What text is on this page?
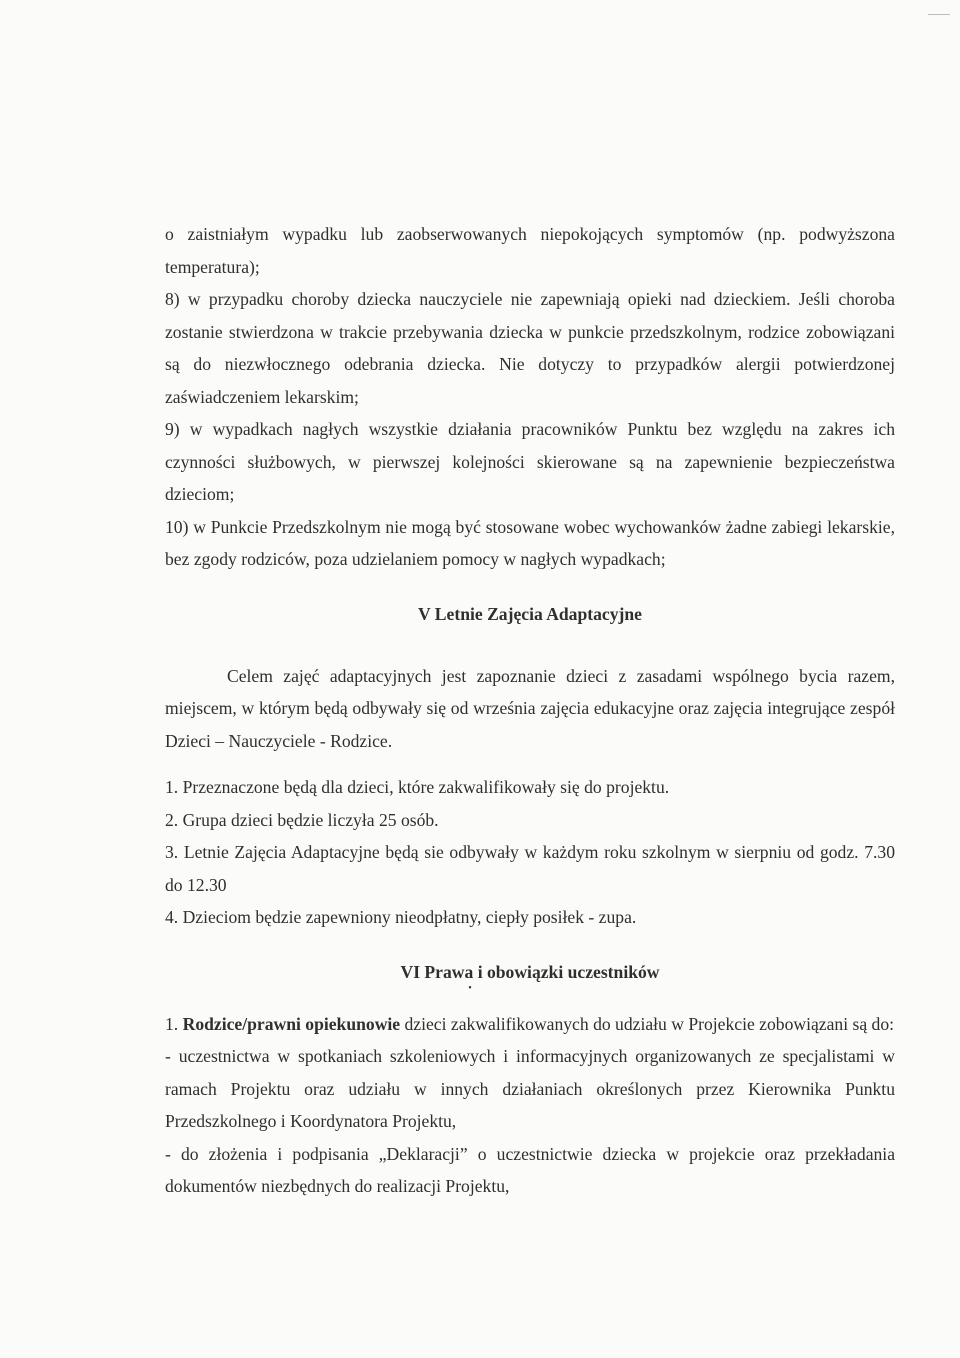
o zaistniałym wypadku lub zaobserwowanych niepokojących symptomów (np. podwyższona temperatura);

8) w przypadku choroby dziecka nauczyciele nie zapewniają opieki nad dzieckiem. Jeśli choroba zostanie stwierdzona w trakcie przebywania dziecka w punkcie przedszkolnym, rodzice zobowiązani są do niezwłocznego odebrania dziecka. Nie dotyczy to przypadków alergii potwierdzonej zaświadczeniem lekarskim;

9) w wypadkach nagłych wszystkie działania pracowników Punktu bez względu na zakres ich czynności służbowych, w pierwszej kolejności skierowane są na zapewnienie bezpieczeństwa dzieciom;

10) w Punkcie Przedszkolnym nie mogą być stosowane wobec wychowanków żadne zabiegi lekarskie, bez zgody rodziców, poza udzielaniem pomocy w nagłych wypadkach;

V Letnie Zajęcia Adaptacyjne

Celem zajęć adaptacyjnych jest zapoznanie dzieci z zasadami wspólnego bycia razem, miejscem, w którym będą odbywały się od września zajęcia edukacyjne oraz zajęcia integrujące zespół Dzieci – Nauczyciele - Rodzice.

1. Przeznaczone będą dla dzieci, które zakwalifikowały się do projektu.

2. Grupa dzieci będzie liczyła 25 osób.

3. Letnie Zajęcia Adaptacyjne będą sie odbywały w każdym roku szkolnym w sierpniu od godz. 7.30 do 12.30

4. Dzieciom będzie zapewniony nieodpłatny, ciepły posiłek - zupa.

VI Prawa i obowiązki uczestników
•

1. Rodzice/prawni opiekunowie dzieci zakwalifikowanych do udziału w Projekcie zobowiązani są do:

- uczestnictwa w spotkaniach szkoleniowych i informacyjnych organizowanych ze specjalistami w ramach Projektu oraz udziału w innych działaniach określonych przez Kierownika Punktu Przedszkolnego i Koordynatora Projektu,

- do złożenia i podpisania „Deklaracji” o uczestnictwie dziecka w projekcie oraz przekładania dokumentów niezbędnych do realizacji Projektu,
